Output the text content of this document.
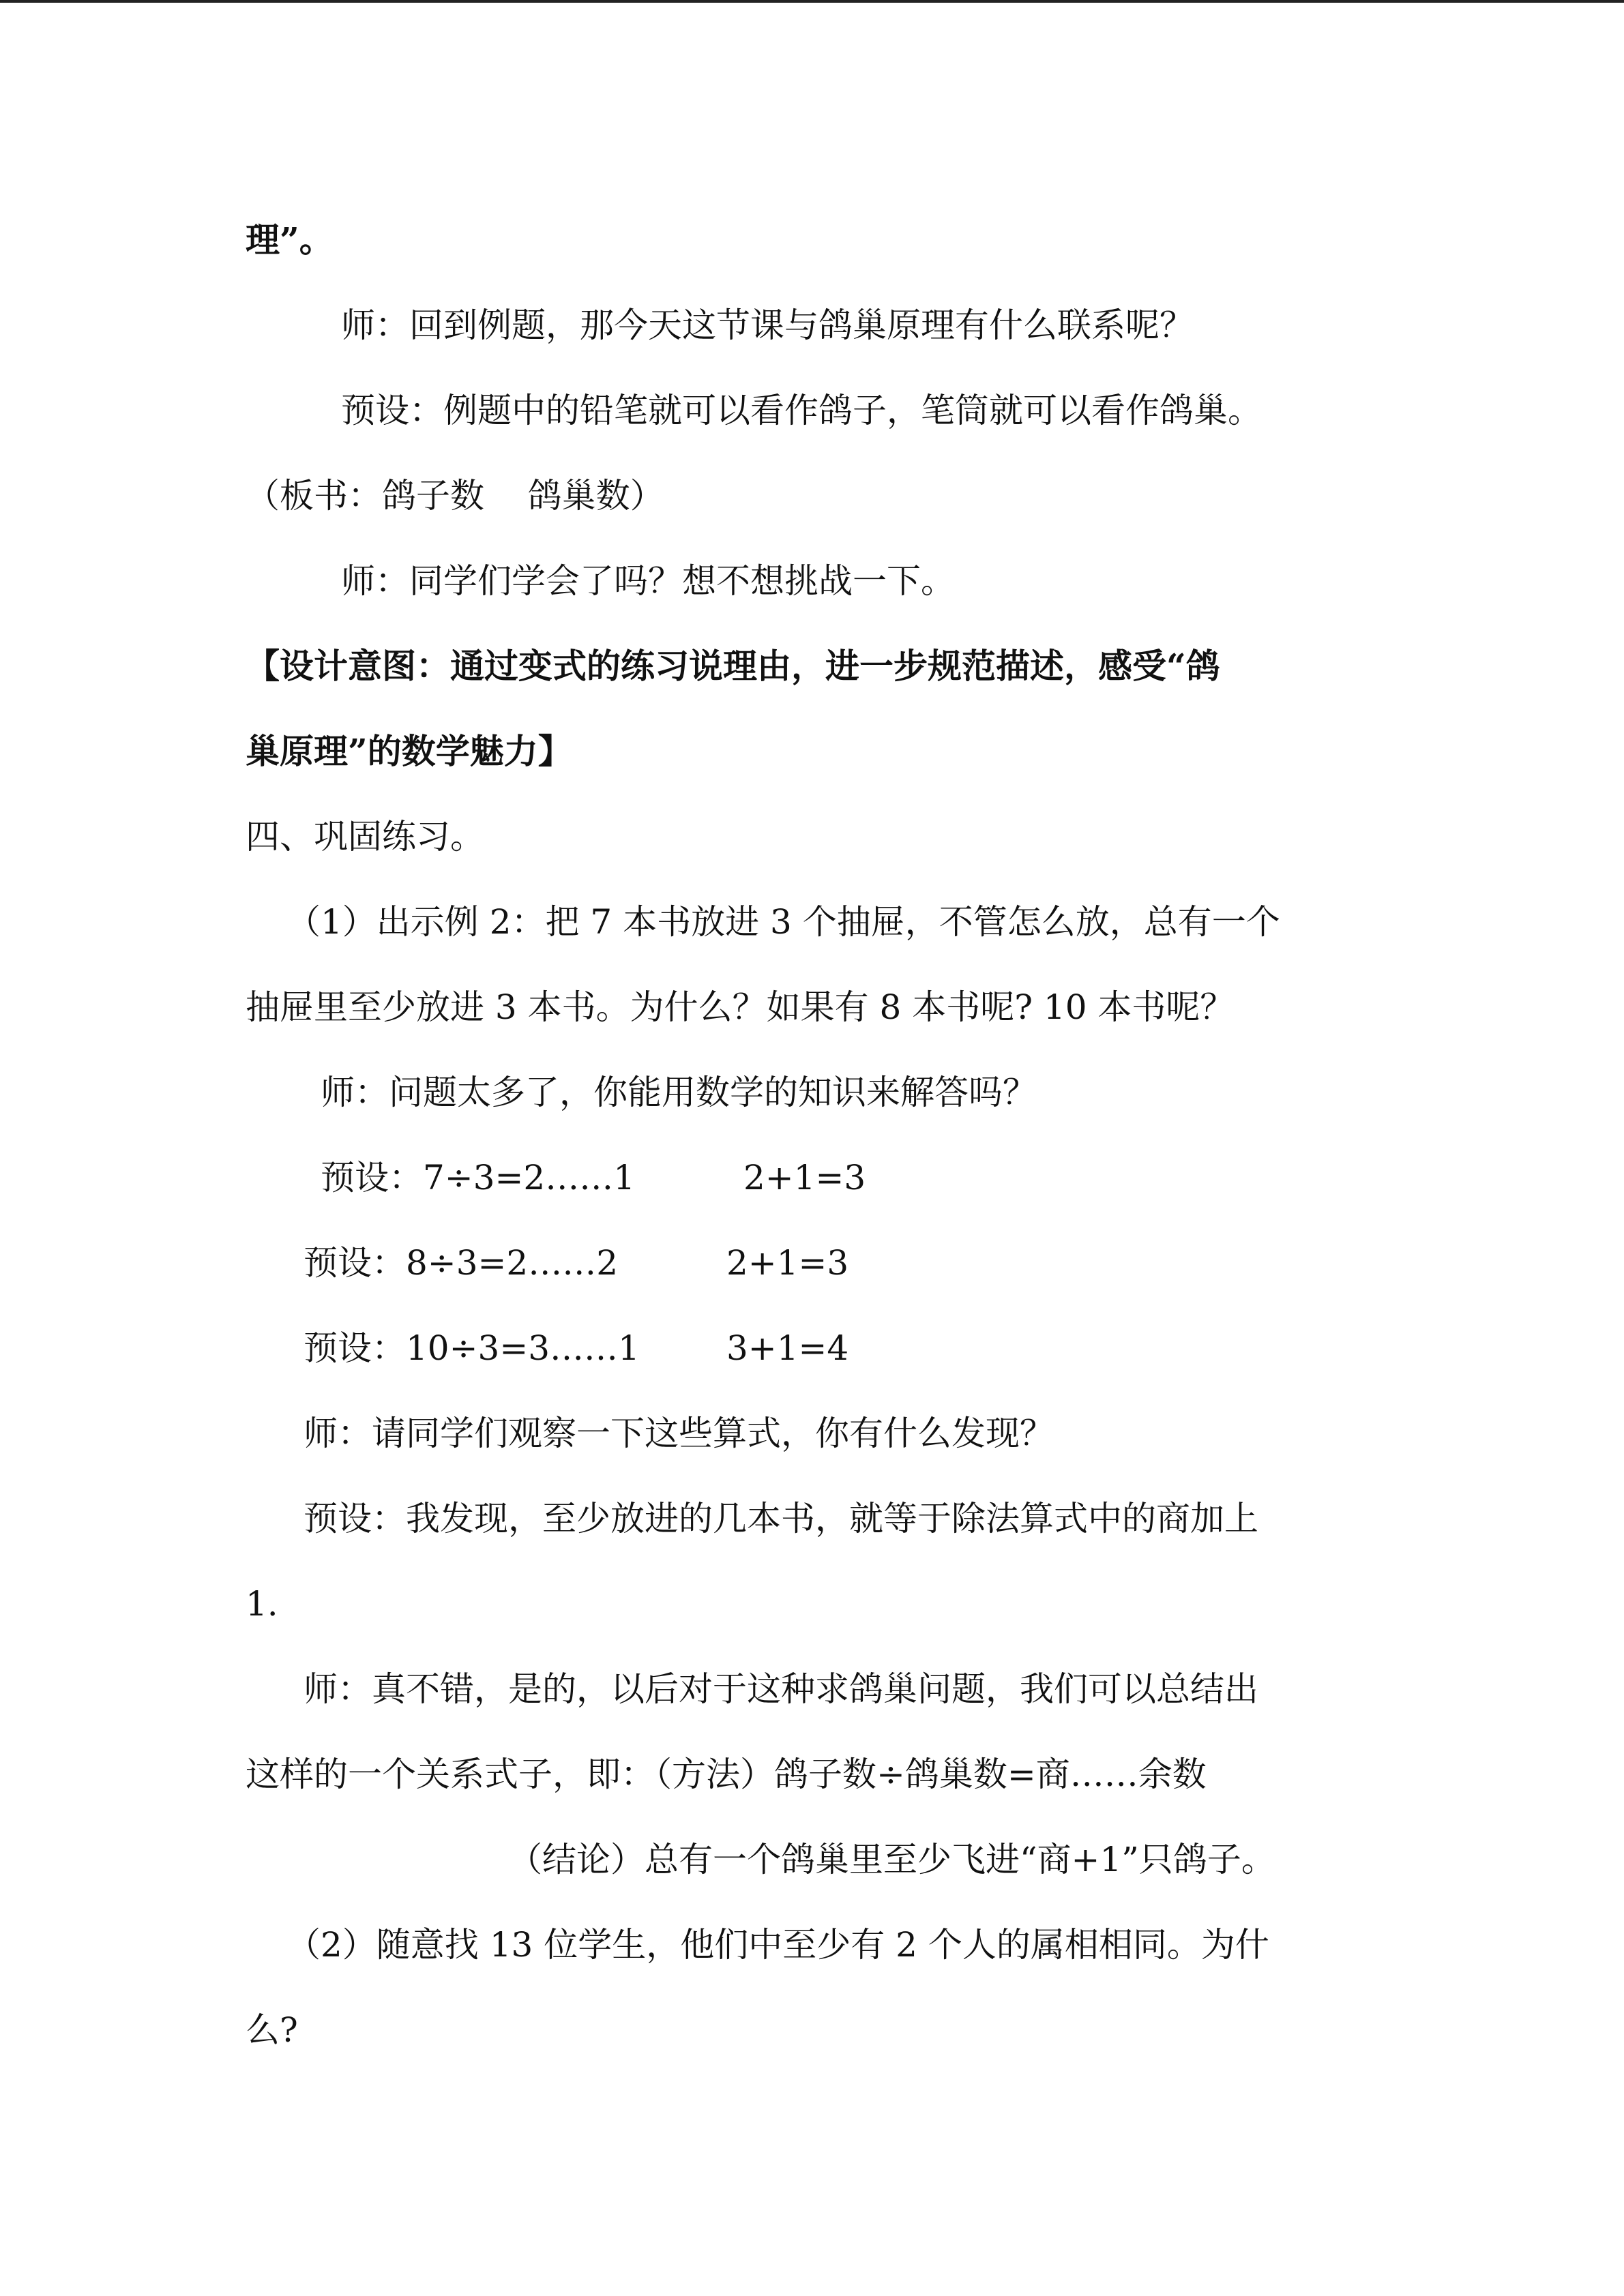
理”。
师：回到例题，那今天这节课与鸽巢原理有什么联系呢？
预设：例题中的铅笔就可以看作鸽子，笔筒就可以看作鸽巢。
（板书：鸽子数    鸽巢数）
师：同学们学会了吗？想不想挑战一下。
【设计意图：通过变式的练习说理由，进一步规范描述，感受“鸽
巢原理”的数学魅力】
四、巩固练习。
（1）出示例 2：把 7 本书放进 3 个抽屉，不管怎么放，总有一个
抽屉里至少放进 3 本书。为什么？如果有 8 本书呢? 10 本书呢？
师：问题太多了，你能用数学的知识来解答吗？
预设：7÷3=2……1          2+1=3
预设：8÷3=2……2          2+1=3
预设：10÷3=3……1        3+1=4
师：请同学们观察一下这些算式，你有什么发现？
预设：我发现，至少放进的几本书，就等于除法算式中的商加上
1.
师：真不错，是的，以后对于这种求鸽巢问题，我们可以总结出
这样的一个关系式子，即：（方法）鸽子数÷鸽巢数=商……余数
（结论）总有一个鸽巢里至少飞进“商+1”只鸽子。
（2）随意找 13 位学生，他们中至少有 2 个人的属相相同。为什
么?
